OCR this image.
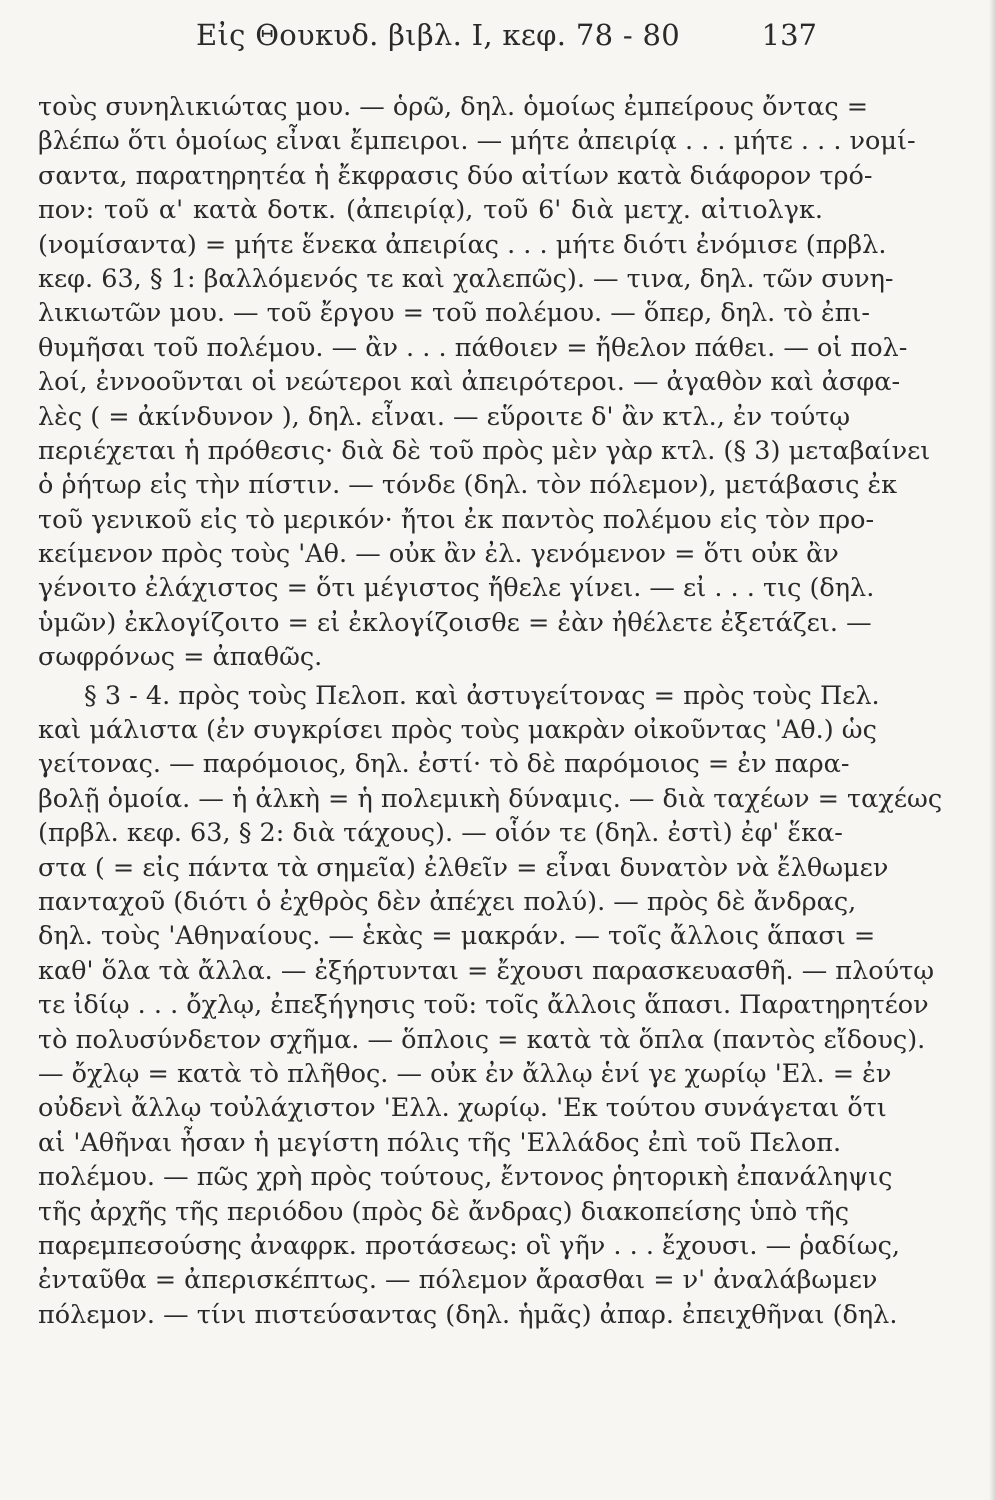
Εἰς Θουκυδ. βιβλ. Ι, κεφ. 78 - 80	137
τοὺς συνηλικιώτας μου. — ὁρῶ, δηλ. ὁμοίως ἐμπείρους ὄντας =
βλέπω ὅτι ὁμοίως εἶναι ἔμπειροι. — μήτε ἀπειρίᾳ . . . μήτε . . . νομί-
σαντα, παρατηρητέα ἡ ἔκφρασις δύο αἰτίων κατὰ διάφορον τρό-
πον: τοῦ α' κατὰ δοτκ. (ἀπειρίᾳ), τοῦ 6' διὰ μετχ. αἰτιολγκ.
(νομίσαντα) = μήτε ἕνεκα ἀπειρίας . . . μήτε διότι ἐνόμισε (πρβλ.
κεφ. 63, § 1: βαλλόμενός τε καὶ χαλεπῶς). — τινα, δηλ. τῶν συνη-
λικιωτῶν μου. — τοῦ ἔργου = τοῦ πολέμου. — ὅπερ, δηλ. τὸ ἐπι-
θυμῆσαι τοῦ πολέμου. — ἂν . . . πάθοιεν = ἤθελον πάθει. — οἱ πολ-
λοί, ἐννοοῦνται οἱ νεώτεροι καὶ ἀπειρότεροι. — ἀγαθὸν καὶ ἀσφα-
λὲς ( = ἀκίνδυνον ), δηλ. εἶναι. — εὕροιτε δ' ἂν κτλ., ἐν τούτῳ
περιέχεται ἡ πρόθεσις· διὰ δὲ τοῦ πρὸς μὲν γὰρ κτλ. (§ 3) μεταβαίνει
ὁ ῥήτωρ εἰς τὴν πίστιν. — τόνδε (δηλ. τὸν πόλεμον), μετάβασις ἐκ
τοῦ γενικοῦ εἰς τὸ μερικόν· ἤτοι ἐκ παντὸς πολέμου εἰς τὸν προ-
κείμενον πρὸς τοὺς 'Αθ. — οὐκ ἂν ἐλ. γενόμενον = ὅτι οὐκ ἂν
γένοιτο ἐλάχιστος = ὅτι μέγιστος ἤθελε γίνει. — εἰ . . . τις (δηλ.
ὑμῶν) ἐκλογίζοιτο = εἰ ἐκλογίζοισθε = ἐὰν ἠθέλετε ἐξετάζει. —
σωφρόνως = ἀπαθῶς.
§ 3 - 4. πρὸς τοὺς Πελοπ. καὶ ἀστυγείτονας = πρὸς τοὺς Πελ.
καὶ μάλιστα (ἐν συγκρίσει πρὸς τοὺς μακρὰν οἰκοῦντας 'Αθ.) ὡς
γείτονας. — παρόμοιος, δηλ. ἐστί· τὸ δὲ παρόμοιος = ἐν παρα-
βολῇ ὁμοία. — ἡ ἀλκὴ = ἡ πολεμικὴ δύναμις. — διὰ ταχέων = ταχέως
(πρβλ. κεφ. 63, § 2: διὰ τάχους). — οἷόν τε (δηλ. ἐστὶ) ἐφ' ἕκα-
στα ( = εἰς πάντα τὰ σημεῖα) ἐλθεῖν = εἶναι δυνατὸν νὰ ἔλθωμεν
πανταχοῦ (διότι ὁ ἐχθρὸς δὲν ἀπέχει πολύ). — πρὸς δὲ ἄνδρας,
δηλ. τοὺς 'Αθηναίους. — ἑκὰς = μακράν. — τοῖς ἄλλοις ἅπασι =
καθ' ὅλα τὰ ἄλλα. — ἐξήρτυνται = ἔχουσι παρασκευασθῆ. — πλούτῳ
τε ἰδίῳ . . . ὄχλῳ, ἐπεξήγησις τοῦ: τοῖς ἄλλοις ἅπασι. Παρατηρητέον
τὸ πολυσύνδετον σχῆμα. — ὅπλοις = κατὰ τὰ ὅπλα (παντὸς εἴδους).
— ὄχλῳ = κατὰ τὸ πλῆθος. — οὐκ ἐν ἄλλῳ ἑνί γε χωρίῳ 'Ελ. = ἐν
οὐδενὶ ἄλλῳ τοὐλάχιστον 'Ελλ. χωρίῳ. 'Εκ τούτου συνάγεται ὅτι
αἱ 'Αθῆναι ἦσαν ἡ μεγίστη πόλις τῆς 'Ελλάδος ἐπὶ τοῦ Πελοπ.
πολέμου. — πῶς χρὴ πρὸς τούτους, ἔντονος ῥητορικὴ ἐπανάληψις
τῆς ἀρχῆς τῆς περιόδου (πρὸς δὲ ἄνδρας) διακοπείσης ὑπὸ τῆς
παρεμπεσούσης ἀναφρκ. προτάσεως: οἳ γῆν . . . ἔχουσι. — ῥαδίως,
ἐνταῦθα = ἀπερισκέπτως. — πόλεμον ἄρασθαι = ν' ἀναλάβωμεν
πόλεμον. — τίνι πιστεύσαντας (δηλ. ἡμᾶς) ἀπαρ. ἐπειχθῆναι (δηλ.
